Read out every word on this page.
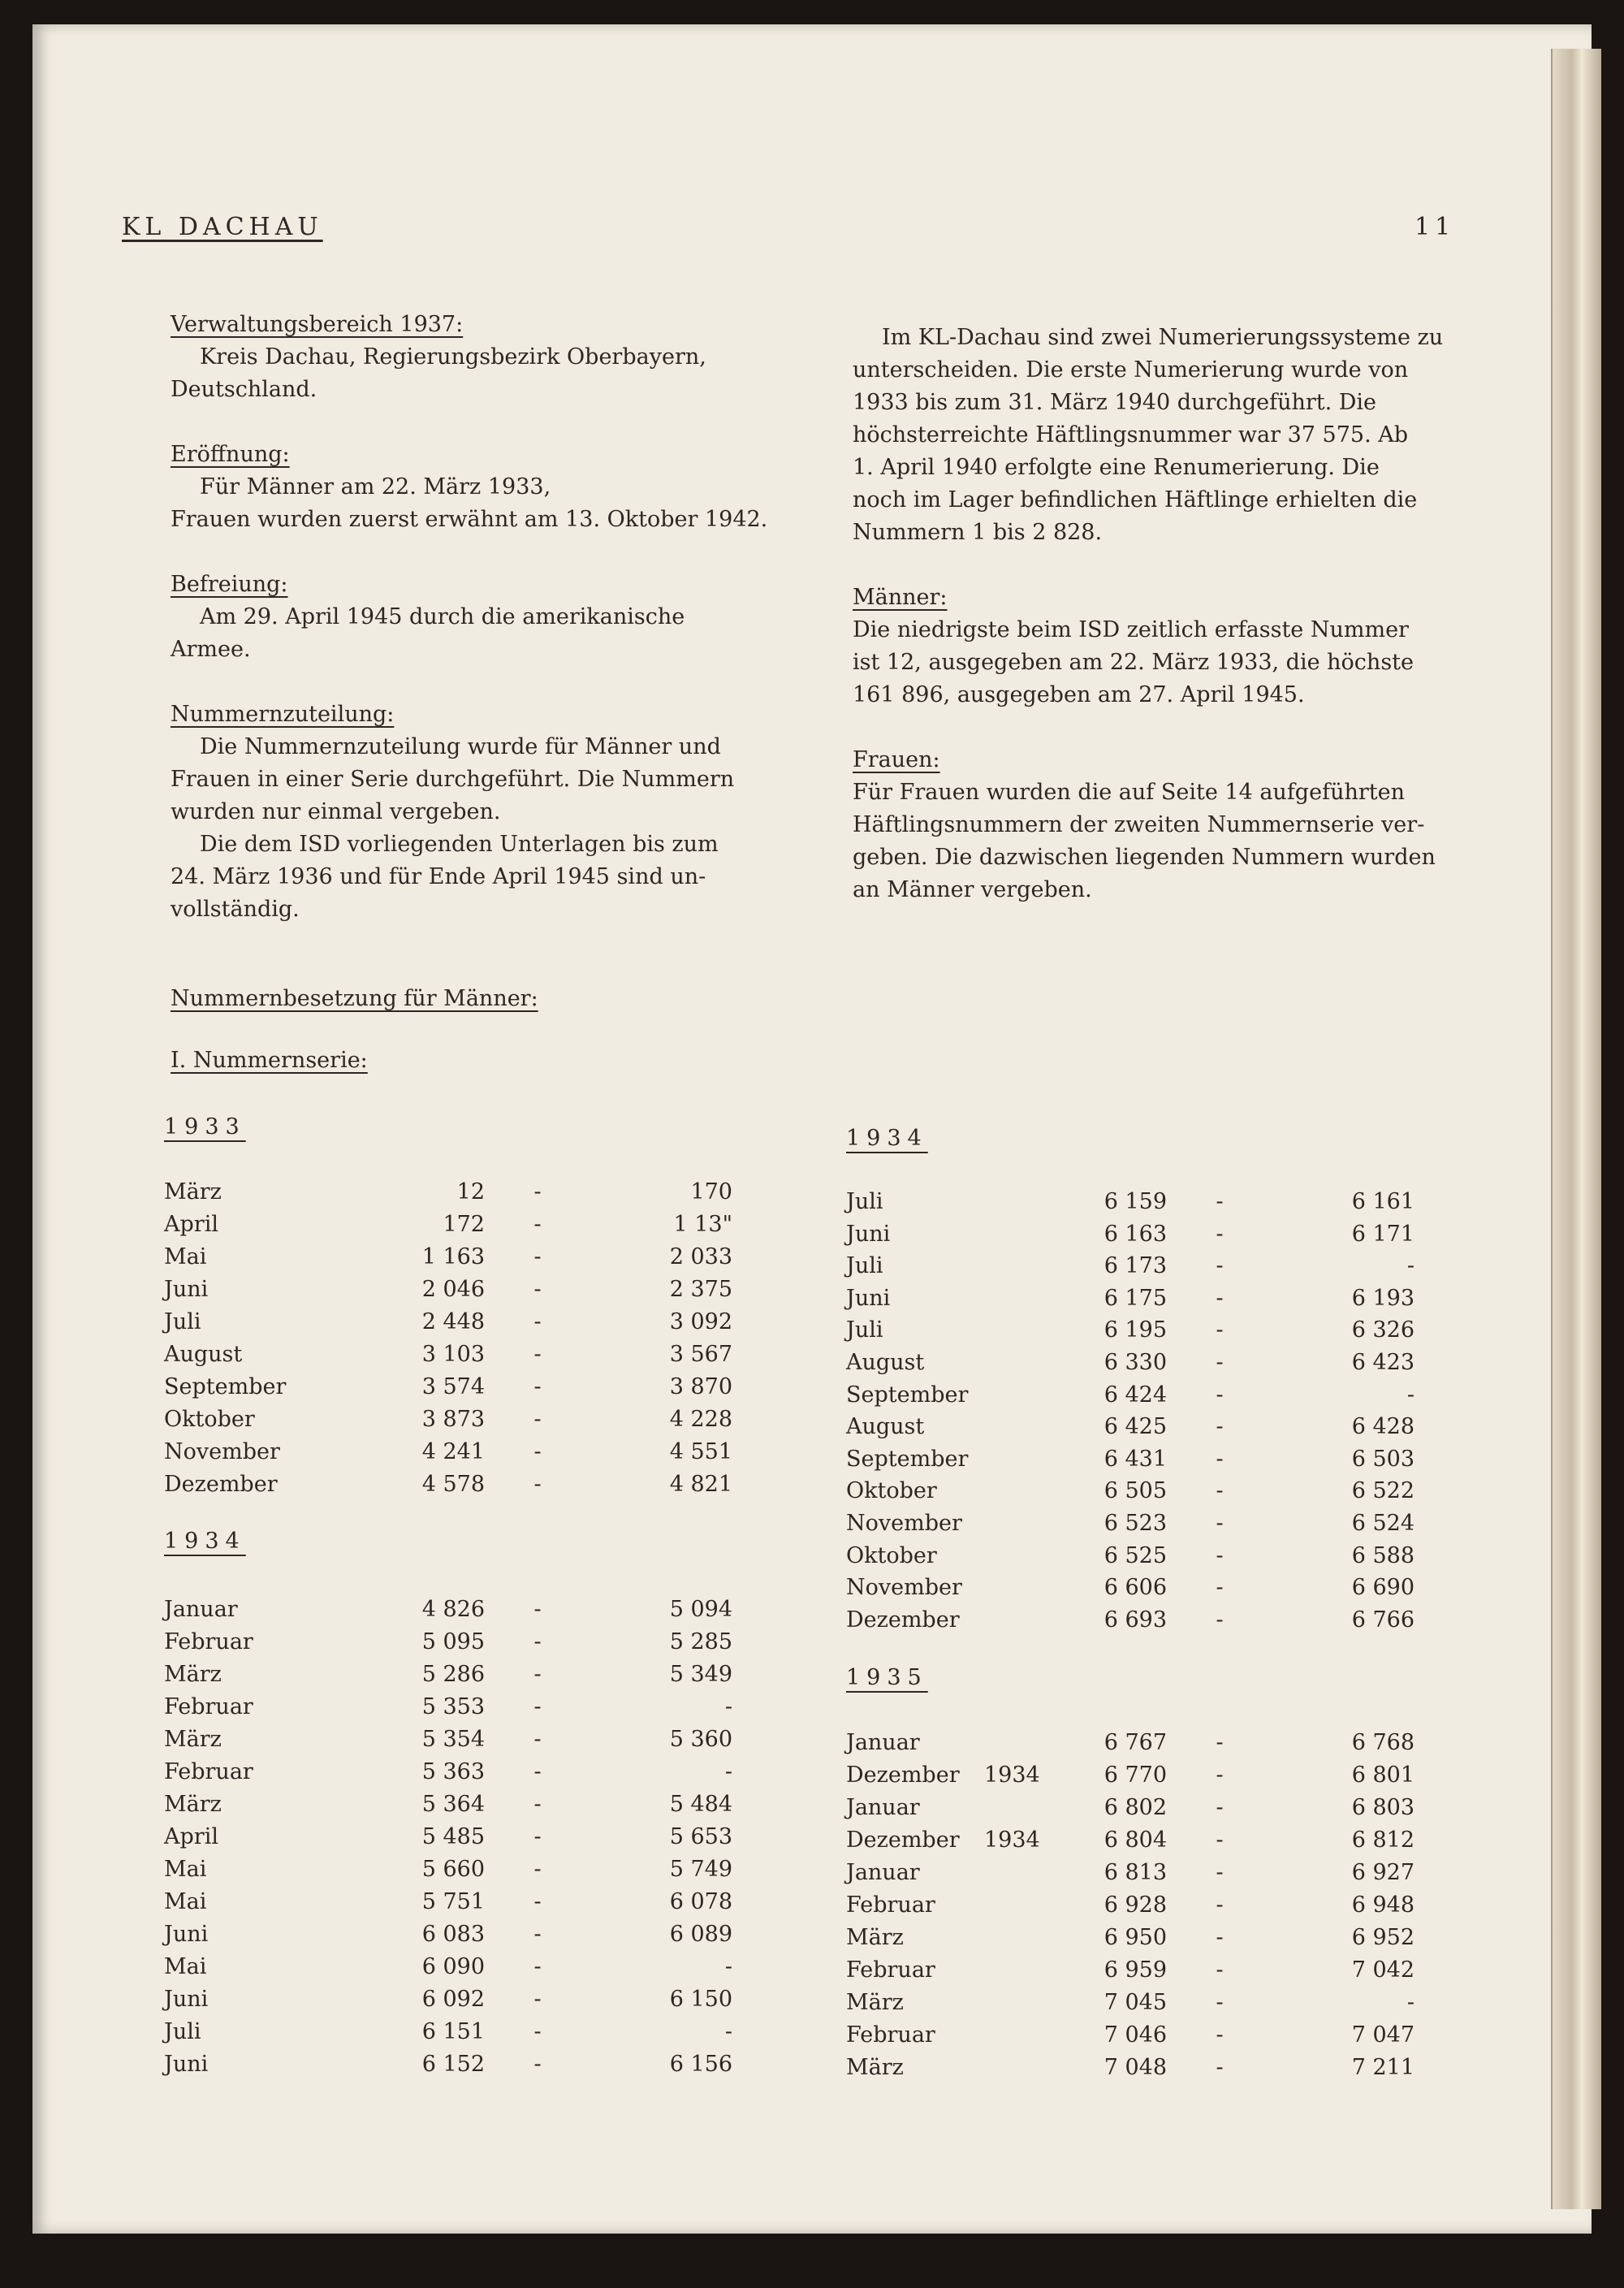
KL DACHAU	11

Verwaltungsbereich 1937:

Kreis Dachau, Regierungsbezirk Oberbayern,

Deutschland.

Eröffnung:

Für Männer am 22. März 1933,

Frauen wurden zuerst erwähnt am 13. Oktober 1942.

Befreiung:

Am 29. April 1945 durch die amerikanische

Armee.

Nummernzuteilung:

Die Nummernzuteilung wurde für Männer und

Frauen in einer Serie durchgeführt. Die Nummern

wurden nur einmal vergeben.

Die dem ISD vorliegenden Unterlagen bis zum

24. März 1936 und für Ende April 1945 sind un-

vollständig.

Nummernbesetzung für Männer:

I. Nummernserie:

Im KL-Dachau sind zwei Numerierungssysteme zu

unterscheiden. Die erste Numerierung wurde von

1933 bis zum 31. März 1940 durchgeführt. Die

höchsterreichte Häftlingsnummer war 37 575. Ab

1. April 1940 erfolgte eine Renumerierung. Die

noch im Lager befindlichen Häftlinge erhielten die

Nummern 1 bis 2 828.

Männer:

Die niedrigste beim ISD zeitlich erfasste Nummer

ist 12, ausgegeben am 22. März 1933, die höchste

161 896, ausgegeben am 27. April 1945.

Frauen:

Für Frauen wurden die auf Seite 14 aufgeführten

Häftlingsnummern der zweiten Nummernserie ver-

geben. Die dazwischen liegenden Nummern wurden

an Männer vergeben.

1933
1934
1934
1935
März	12 -	170
April	172 -	1 13"
Mai	1 163 -	2 033
Juni	2 046 -	2 375
Juli	2 448 -	3 092
August	3 103 -	3 567
September	3 574 -	3 870
Oktober	3 873 -	4 228
November	4 241 -	4 551
Dezember	4 578 -	4 821
Januar	4 826 -	5 094
Februar	5 095 -	5 285
März	5 286 -	5 349
Februar	5 353 -	-
März	5 354 -	5 360
Februar	5 363 -	-
März	5 364 -	5 484
April	5 485 -	5 653
Mai	5 660 -	5 749
Mai	5 751 -	6 078
Juni	6 083 -	6 089
Mai	6 090 -	-
Juni	6 092 -	6 150
Juli	6 151 -	-
Juni	6 152 -	6 156
Juli	6 159 -	6 161
Juni	6 163 -	6 171
Juli	6 173 -	-
Juni	6 175 -	6 193
Juli	6 195 -	6 326
August	6 330 -	6 423
September	6 424 -	-
August	6 425 -	6 428
September	6 431 -	6 503
Oktober	6 505 -	6 522
November	6 523 -	6 524
Oktober	6 525 -	6 588
November	6 606 -	6 690
Dezember	6 693 -	6 766
Januar	6 767 -	6 768
Dezember 1934	6 770 -	6 801
Januar	6 802 -	6 803
Dezember 1934	6 804 -	6 812
Januar	6 813 -	6 927
Februar	6 928 -	6 948
März	6 950 -	6 952
Februar	6 959 -	7 042
März	7 045 -	-
Februar	7 046 -	7 047
März	7 048 -	7 211
